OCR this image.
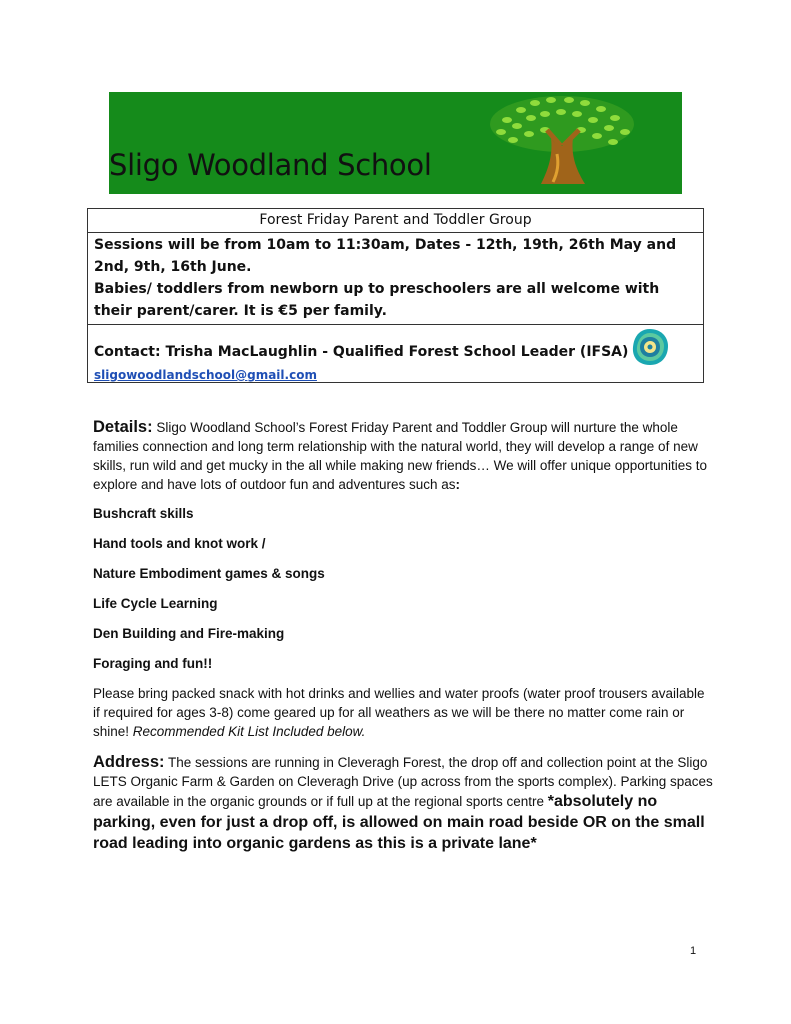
Sligo Woodland School
Forest Friday Parent and Toddler Group
Sessions will be from 10am to 11:30am, Dates - 12th, 19th, 26th May and 2nd, 9th, 16th June.
Babies/ toddlers from newborn up to preschoolers are all welcome with their parent/carer. It is €5 per family.
Contact: Trisha MacLaughlin - Qualified Forest School Leader (IFSA)
sligowoodlandschool@gmail.com

Details: Sligo Woodland School’s Forest Friday Parent and Toddler Group will nurture the whole families connection and long term relationship with the natural world, they will develop a range of new skills, run wild and get mucky in the all while making new friends… We will offer unique opportunities to explore and have lots of outdoor fun and adventures such as:

Bushcraft skills

Hand tools and knot work /

Nature Embodiment games & songs

Life Cycle Learning

Den Building and Fire-making

Foraging and fun!!

Please bring packed snack with hot drinks and wellies and water proofs (water proof trousers available if required for ages 3-8) come geared up for all weathers as we will be there no matter come rain or shine! Recommended Kit List Included below.

Address: The sessions are running in Cleveragh Forest, the drop off and collection point at the Sligo LETS Organic Farm & Garden on Cleveragh Drive (up across from the sports complex). Parking spaces are available in the organic grounds or if full up at the regional sports centre *absolutely no parking, even for just a drop off, is allowed on main road beside OR on the small road leading into organic gardens as this is a private lane*

1
